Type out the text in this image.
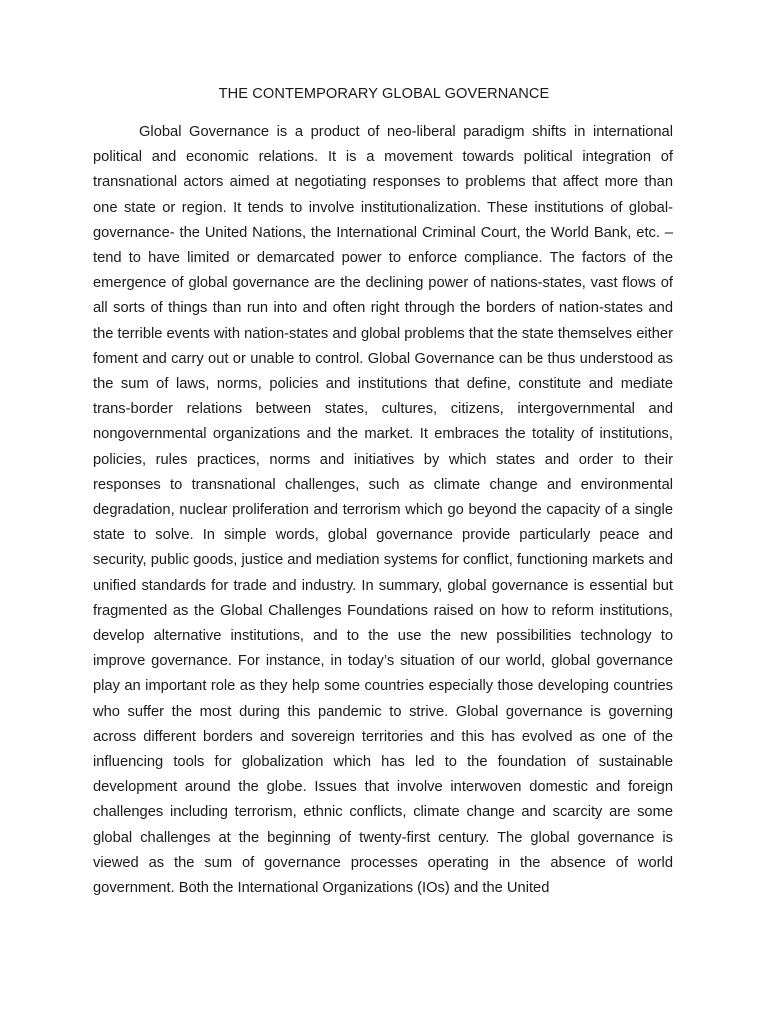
THE CONTEMPORARY GLOBAL GOVERNANCE

Global Governance is a product of neo-liberal paradigm shifts in international political and economic relations. It is a movement towards political integration of transnational actors aimed at negotiating responses to problems that affect more than one state or region. It tends to involve institutionalization. These institutions of global- governance- the United Nations, the International Criminal Court, the World Bank, etc. – tend to have limited or demarcated power to enforce compliance. The factors of the emergence of global governance are the declining power of nations-states, vast flows of all sorts of things than run into and often right through the borders of nation-states and the terrible events with nation-states and global problems that the state themselves either foment and carry out or unable to control. Global Governance can be thus understood as the sum of laws, norms, policies and institutions that define, constitute and mediate trans-border relations between states, cultures, citizens, intergovernmental and nongovernmental organizations and the market. It embraces the totality of institutions, policies, rules practices, norms and initiatives by which states and order to their responses to transnational challenges, such as climate change and environmental degradation, nuclear proliferation and terrorism which go beyond the capacity of a single state to solve. In simple words, global governance provide particularly peace and security, public goods, justice and mediation systems for conflict, functioning markets and unified standards for trade and industry. In summary, global governance is essential but fragmented as the Global Challenges Foundations raised on how to reform institutions, develop alternative institutions, and to the use the new possibilities technology to improve governance. For instance, in today’s situation of our world, global governance play an important role as they help some countries especially those developing countries who suffer the most during this pandemic to strive. Global governance is governing across different borders and sovereign territories and this has evolved as one of the influencing tools for globalization which has led to the foundation of sustainable development around the globe. Issues that involve interwoven domestic and foreign challenges including terrorism, ethnic conflicts, climate change and scarcity are some global challenges at the beginning of twenty-first century. The global governance is viewed as the sum of governance processes operating in the absence of world government. Both the International Organizations (IOs) and the United
